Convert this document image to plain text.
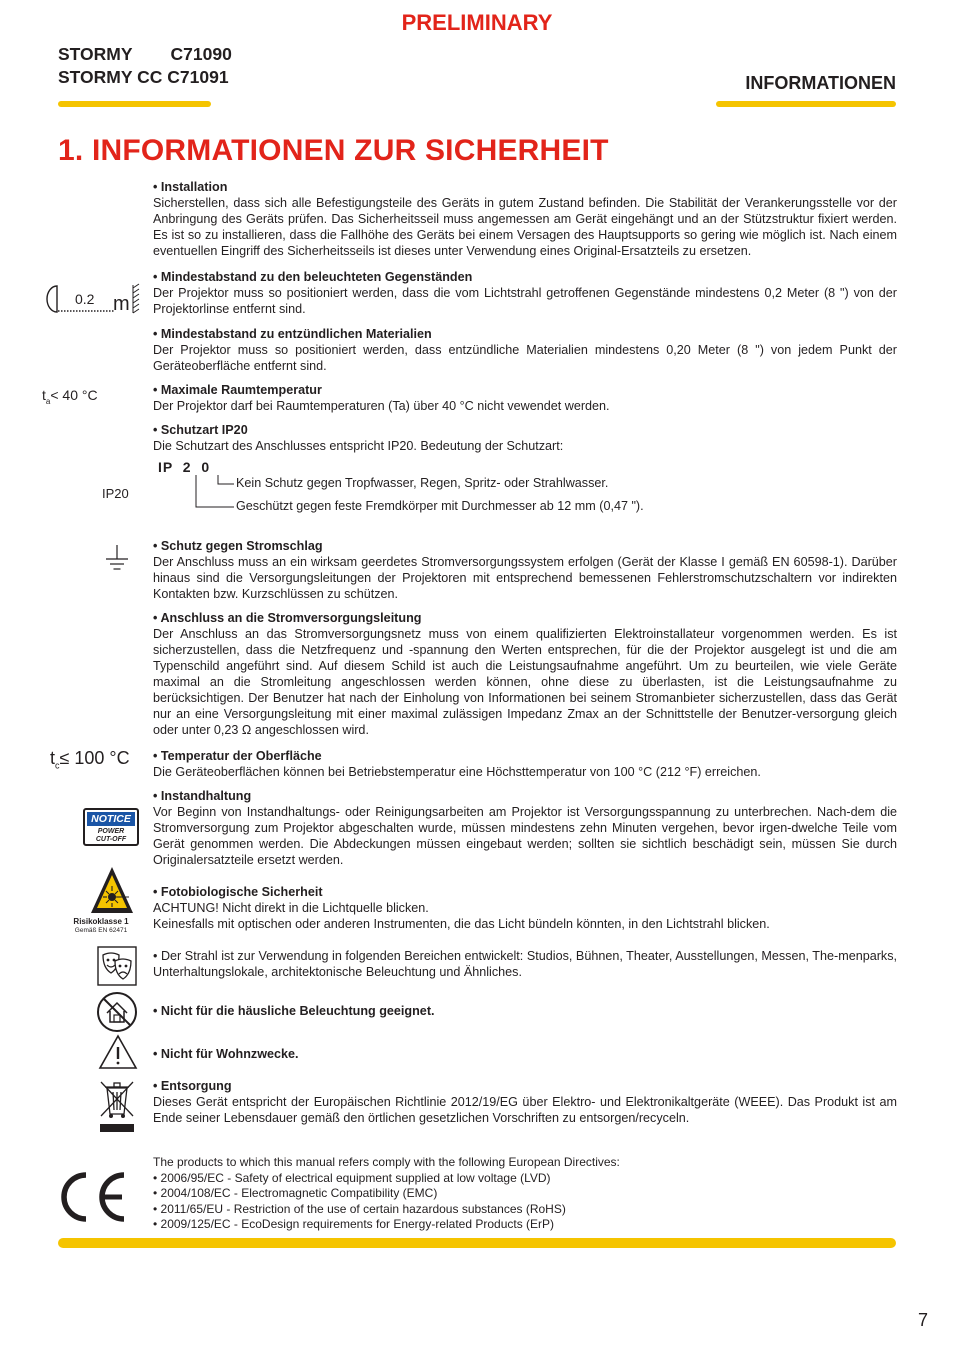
PRELIMINARY
STORMY C71090
STORMY CC C71091	INFORMATIONEN
1. INFORMATIONEN ZUR SICHERHEIT
• Installation

Sicherstellen, dass sich alle Befestigungsteile des Geräts in gutem Zustand befinden. Die Stabilität der Verankerungsstelle vor der Anbringung des Geräts prüfen. Das Sicherheitsseil muss angemessen am Gerät eingehängt und an der Stützstruktur fixiert werden. Es ist so zu installieren, dass die Fallhöhe des Geräts bei einem Versagen des Hauptsupports so gering wie möglich ist. Nach einem eventuellen Eingriff des Sicherheitsseils ist dieses unter Verwendung eines Original-Ersatzteils zu ersetzen.

0.2 m
• Mindestabstand zu den beleuchteten Gegenständen

Der Projektor muss so positioniert werden, dass die vom Lichtstrahl getroffenen Gegenstände mindestens 0,2 Meter (8 ") von der Projektorlinse entfernt sind.

• Mindestabstand zu entzündlichen Materialien

Der Projektor muss so positioniert werden, dass entzündliche Materialien mindestens 0,20 Meter (8 ") von jedem Punkt der Geräteoberfläche entfernt sind.

$t_a< 40$ °C	• Maximale Raumtemperatur

Der Projektor darf bei Raumtemperaturen (Ta) über 40 °C nicht vewendet werden.

• Schutzart IP20

Die Schutzart des Anschlusses entspricht IP20. Bedeutung der Schutzart:

IP  2  0
Kein Schutz gegen Tropfwasser, Regen, Spritz- oder Strahlwasser.
Geschützt gegen feste Fremdkörper mit Durchmesser ab 12 mm (0,47 ").
IP20
• Schutz gegen Stromschlag

Der Anschluss muss an ein wirksam geerdetes Stromversorgungssystem erfolgen (Gerät der Klasse I gemäß EN 60598-1). Darüber hinaus sind die Versorgungsleitungen der Projektoren mit entsprechend bemessenen Fehlerstromschutzschaltern vor indirekten Kontakten bzw. Kurzschlüssen zu schützen.

• Anschluss an die Stromversorgungsleitung

Der Anschluss an das Stromversorgungsnetz muss von einem qualifizierten Elektroinstallateur vorgenommen werden. Es ist sicherzustellen, dass die Netzfrequenz und -spannung den Werten entsprechen, für die der Projektor ausgelegt ist und die am Typenschild angeführt sind. Auf diesem Schild ist auch die Leistungsaufnahme angeführt. Um zu beurteilen, wie viele Geräte maximal an die Stromleitung angeschlossen werden können, ohne diese zu überlasten, ist die Leistungsaufnahme zu berücksichtigen. Der Benutzer hat nach der Einholung von Informationen bei seinem Stromanbieter sicherzustellen, dass das Gerät nur an eine Versorgungsleitung mit einer maximal zulässigen Impedanz Zmax an der Schnittstelle der Benutzer-versorgung gleich oder unter 0,23 Ω angeschlossen wird.

$t_c\le 100$ °C • Temperatur der Oberfläche

Die Geräteoberflächen können bei Betriebstemperatur eine Höchsttemperatur von 100 °C (212 °F) erreichen.

NOTICE
POWER
CUT-OFF
• Instandhaltung

Vor Beginn von Instandhaltungs- oder Reinigungsarbeiten am Projektor ist Versorgungsspannung zu unterbrechen. Nach-dem die Stromversorgung zum Projektor abgeschalten wurde, müssen mindestens zehn Minuten vergehen, bevor irgen-dwelche Teile vom Gerät genommen werden. Die Abdeckungen müssen eingebaut werden; sollten sie sichtlich beschädigt sein, müssen Sie durch Originalersatzteile ersetzt werden.

Risikoklasse 1
Gemäß EN 62471
• Fotobiologische Sicherheit

ACHTUNG! Nicht direkt in die Lichtquelle blicken.

Keinesfalls mit optischen oder anderen Instrumenten, die das Licht bündeln könnten, in den Lichtstrahl blicken.

• Der Strahl ist zur Verwendung in folgenden Bereichen entwickelt: Studios, Bühnen, Theater, Ausstellungen, Messen, The-menparks, Unterhaltungslokale, architektonische Beleuchtung und Ähnliches.

• Nicht für die häusliche Beleuchtung geeignet.
• Nicht für Wohnzwecke.
• Entsorgung

Dieses Gerät entspricht der Europäischen Richtlinie 2012/19/EG über Elektro- und Elektronikaltgeräte (WEEE). Das Produkt ist am Ende seiner Lebensdauer gemäß den örtlichen gesetzlichen Vorschriften zu entsorgen/recyceln.

The products to which this manual refers comply with the following European Directives:
• 2006/95/EC - Safety of electrical equipment supplied at low voltage (LVD)
• 2004/108/EC - Electromagnetic Compatibility (EMC)
• 2011/65/EU - Restriction of the use of certain hazardous substances (RoHS)
• 2009/125/EC - EcoDesign requirements for Energy-related Products (ErP)
7
